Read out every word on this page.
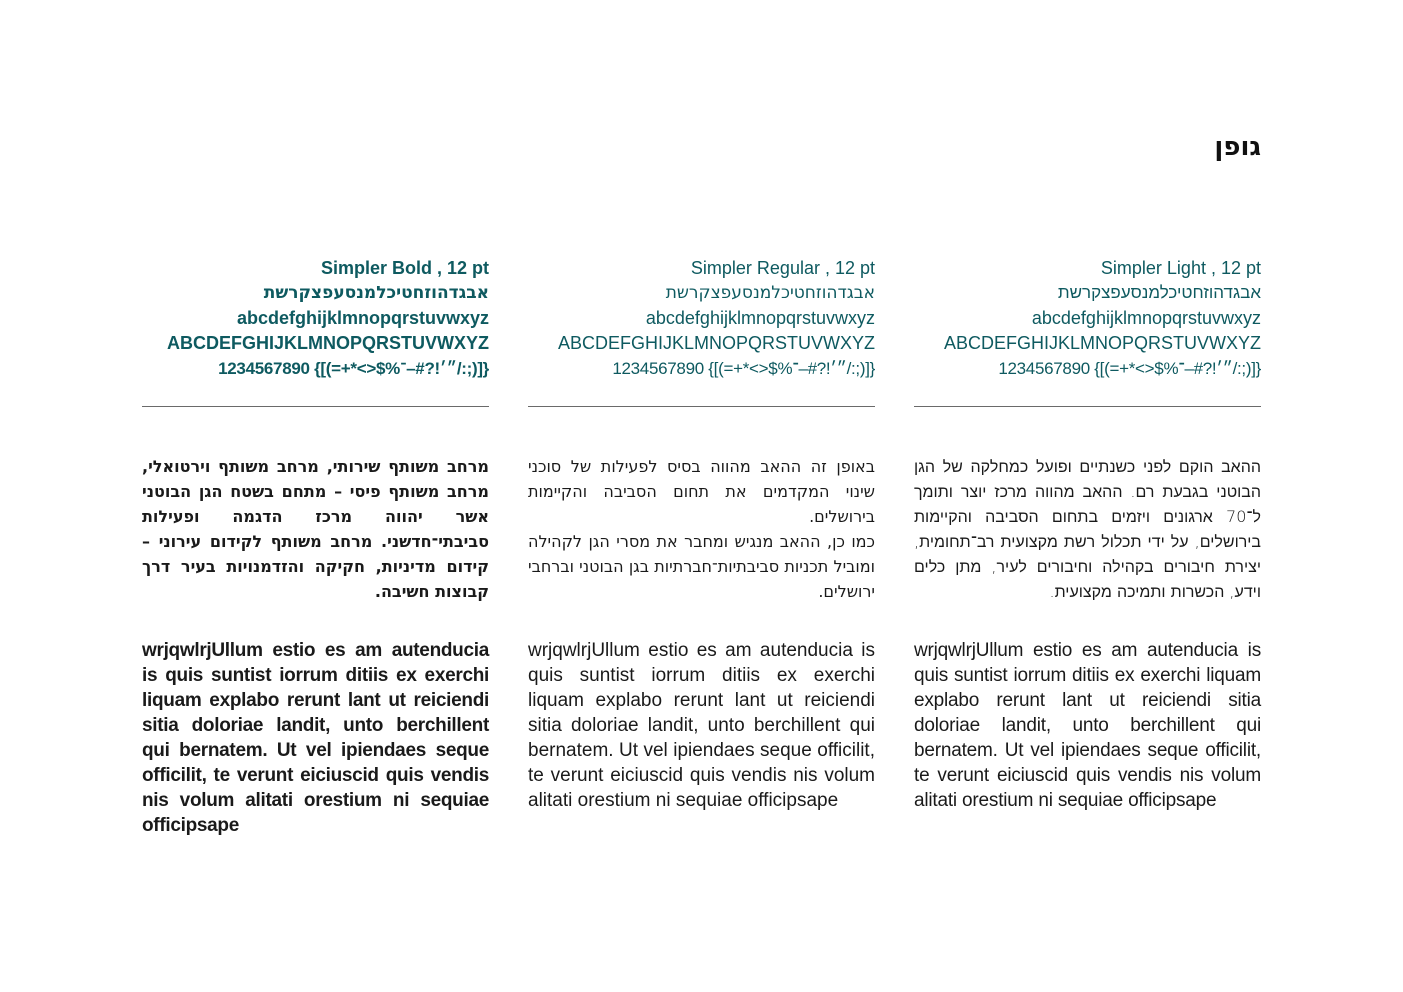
גופן
Simpler Light , 12 pt
אבגדהוזחטיכלמנסעפצקרשת
abcdefghijklmnopqrstuvwxyz
ABCDEFGHIJKLMNOPQRSTUVWXYZ
1234567890 {[(=+*<>$%״׳!?#–־/:;)]}

ההאב הוקם לפני כשנתיים ופועל כמחלקה של הגן הבוטני בגבעת רם. ההאב מהווה מרכז יוצר ותומך ל־70 ארגונים ויזמים בתחום הסביבה והקיימות בירושלים, על ידי תכלול רשת מקצועית רב־תחומית, יצירת חיבורים בקהילה וחיבורים לעיר, מתן כלים וידע, הכשרות ותמיכה מקצועית.

wrjqwlrjUllum estio es am autenducia is quis suntist iorrum ditiis ex exerchi liquam explabo rerunt lant ut reiciendi sitia doloriae landit, unto berchillent qui bernatem. Ut vel ipiendaes seque officilit, te verunt eiciuscid quis vendis nis volum alitati orestium ni sequiae officipsape
Simpler Regular , 12 pt
אבגדהוזחטיכלמנסעפצקרשת
abcdefghijklmnopqrstuvwxyz
ABCDEFGHIJKLMNOPQRSTUVWXYZ
1234567890 {[(=+*<>$%״׳!?#–־/:;)]}

באופן זה ההאב מהווה בסיס לפעילות של סוכני שינוי המקדמים את תחום הסביבה והקיימות בירושלים.

כמו כן, ההאב מנגיש ומחבר את מסרי הגן לקהילה ומוביל תכניות סביבתיות־חברתיות בגן הבוטני וברחבי ירושלים.

wrjqwlrjUllum estio es am autenducia is quis suntist iorrum ditiis ex exerchi liquam explabo rerunt lant ut reiciendi sitia doloriae landit, unto berchillent qui bernatem. Ut vel ipiendaes seque officilit, te verunt eiciuscid quis vendis nis volum alitati orestium ni sequiae officipsape
Simpler Bold , 12 pt
אבגדהוזחטיכלמנסעפצקרשת
abcdefghijklmnopqrstuvwxyz
ABCDEFGHIJKLMNOPQRSTUVWXYZ
1234567890 {[(=+*<>$%״׳!?#–־/:;)]}

מרחב משותף שירותי, מרחב משותף וירטואלי, מרחב משותף פיסי – מתחם בשטח הגן הבוטני אשר יהווה מרכז הדגמה ופעילות סביבתי־חדשני. מרחב משותף לקידום עירוני – קידום מדיניות, חקיקה והזדמנויות בעיר דרך קבוצות חשיבה.

wrjqwlrjUllum estio es am autenducia is quis suntist iorrum ditiis ex exerchi liquam explabo rerunt lant ut reiciendi sitia doloriae landit, unto berchillent qui bernatem. Ut vel ipiendaes seque officilit, te verunt eiciuscid quis vendis nis volum alitati orestium ni sequiae officipsape
